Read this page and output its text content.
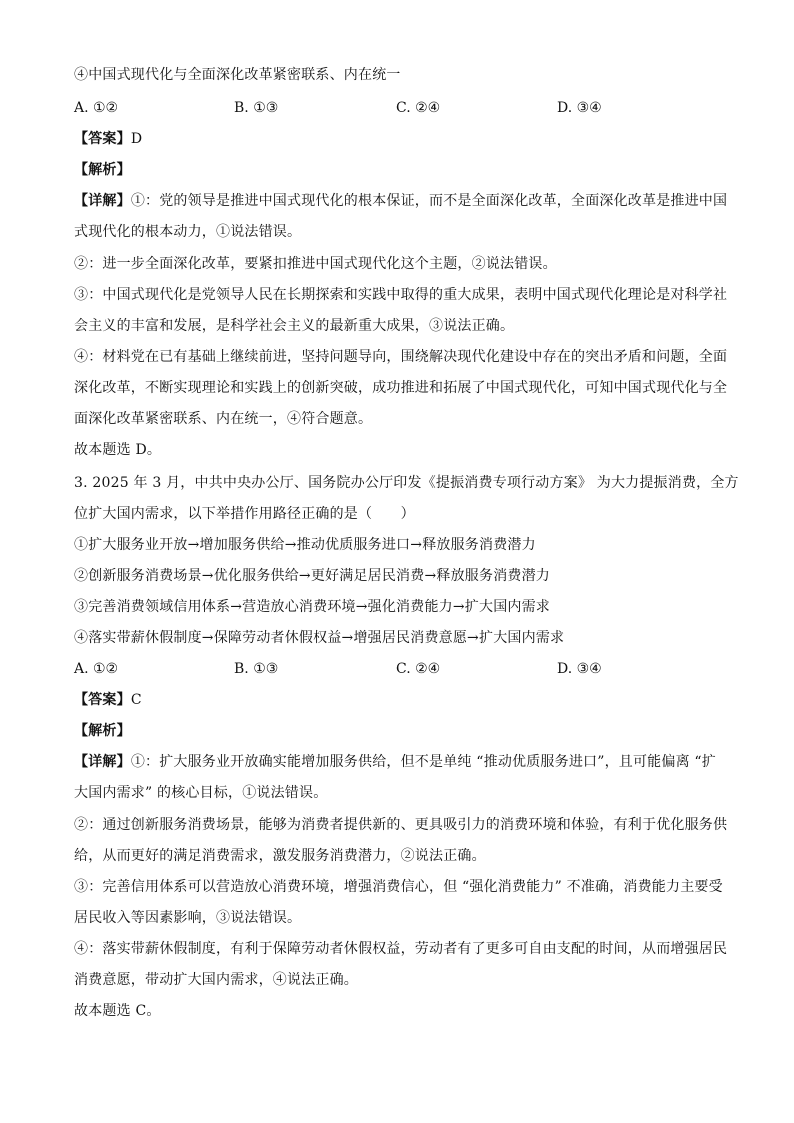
④中国式现代化与全面深化改革紧密联系、内在统一
A. ①②	B. ①③	C. ②④	D. ③④
【答案】D
【解析】
【详解】①：党的领导是推进中国式现代化的根本保证，而不是全面深化改革，全面深化改革是推进中国
式现代化的根本动力，①说法错误。
②：进一步全面深化改革，要紧扣推进中国式现代化这个主题，②说法错误。
③：中国式现代化是党领导人民在长期探索和实践中取得的重大成果，表明中国式现代化理论是对科学社
会主义的丰富和发展，是科学社会主义的最新重大成果，③说法正确。
④：材料党在已有基础上继续前进，坚持问题导向，围绕解决现代化建设中存在的突出矛盾和问题，全面
深化改革，不断实现理论和实践上的创新突破，成功推进和拓展了中国式现代化，可知中国式现代化与全
面深化改革紧密联系、内在统一，④符合题意。
故本题选 D。
3. 2025 年 3 月，中共中央办公厅、国务院办公厅印发《提振消费专项行动方案》 为大力提振消费，全方
位扩大国内需求，以下举措作用路径正确的是（　　）
①扩大服务业开放→增加服务供给→推动优质服务进口→释放服务消费潜力
②创新服务消费场景→优化服务供给→更好满足居民消费→释放服务消费潜力
③完善消费领域信用体系→营造放心消费环境→强化消费能力→扩大国内需求
④落实带薪休假制度→保障劳动者休假权益→增强居民消费意愿→扩大国内需求
A. ①②	B. ①③	C. ②④	D. ③④
【答案】C
【解析】
【详解】①：扩大服务业开放确实能增加服务供给，但不是单纯 “推动优质服务进口”，且可能偏离 “扩
大国内需求” 的核心目标，①说法错误。
②：通过创新服务消费场景，能够为消费者提供新的、更具吸引力的消费环境和体验，有利于优化服务供
给，从而更好的满足消费需求，激发服务消费潜力，②说法正确。
③：完善信用体系可以营造放心消费环境，增强消费信心，但 “强化消费能力” 不准确，消费能力主要受
居民收入等因素影响，③说法错误。
④：落实带薪休假制度，有利于保障劳动者休假权益，劳动者有了更多可自由支配的时间，从而增强居民
消费意愿，带动扩大国内需求，④说法正确。
故本题选 C。
